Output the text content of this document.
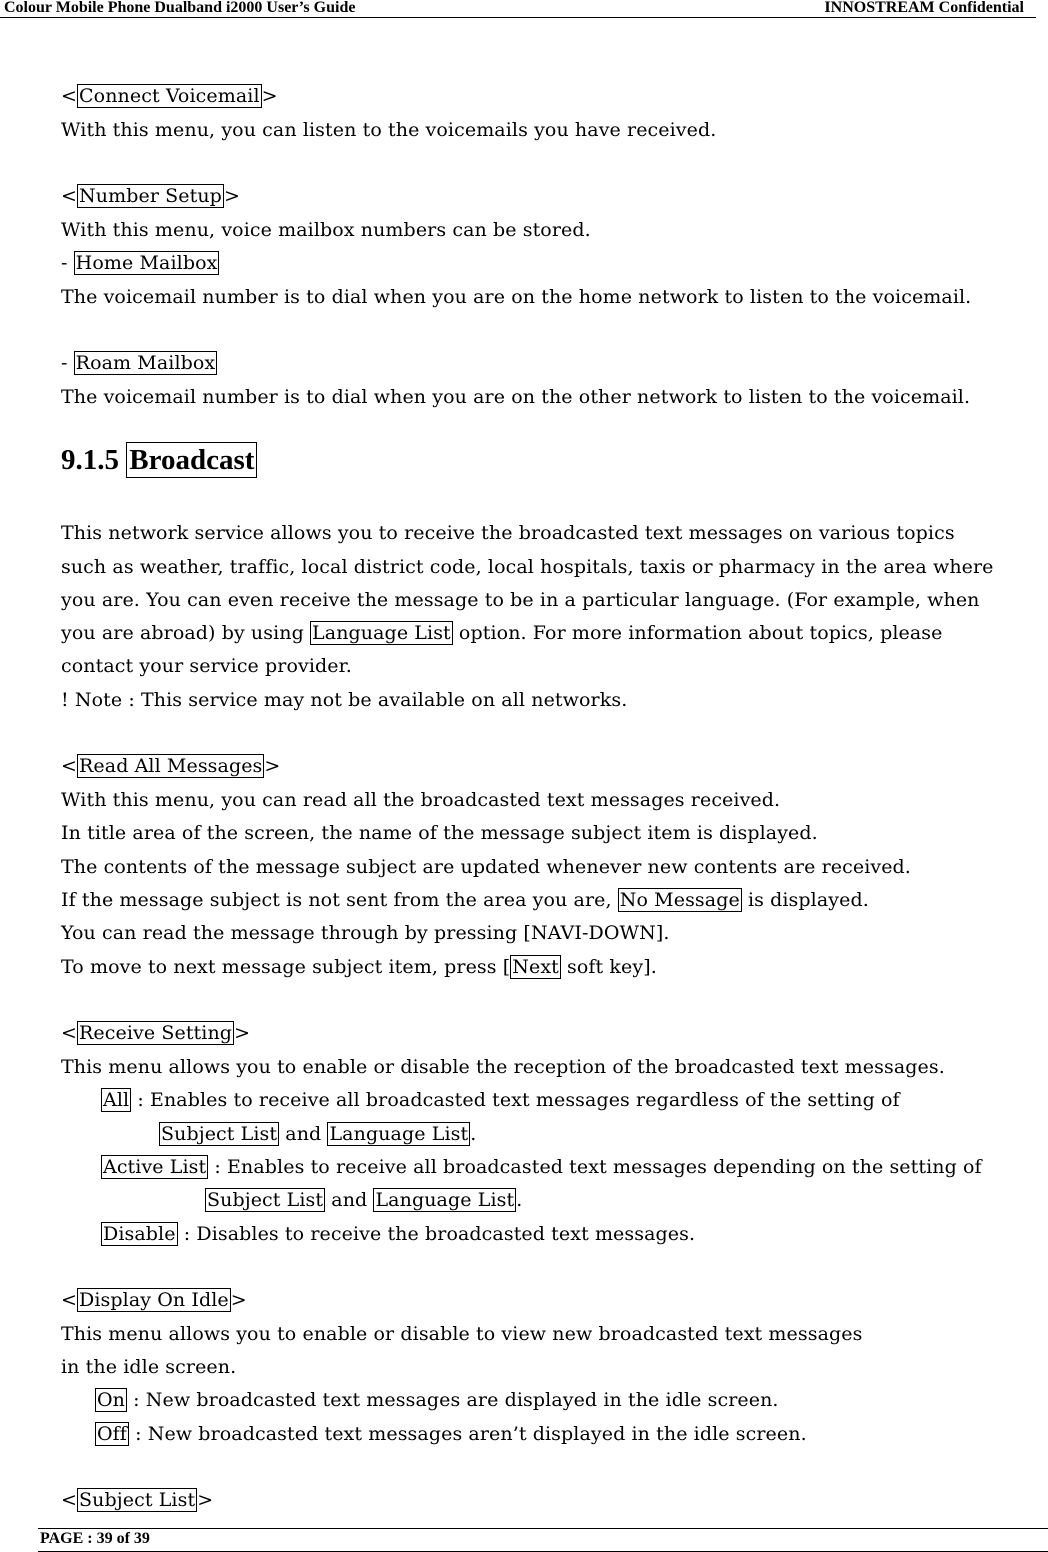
Colour Mobile Phone Dualband i2000 User’s Guide	INNOSTREAM Confidential
< Connect Voicemail >
With this menu, you can listen to the voicemails you have received.
< Number Setup >
With this menu, voice mailbox numbers can be stored.
- Home Mailbox
The voicemail number is to dial when you are on the home network to listen to the voicemail.
- Roam Mailbox
The voicemail number is to dial when you are on the other network to listen to the voicemail.
9.1.5 Broadcast
This network service allows you to receive the broadcasted text messages on various topics
such as weather, traffic, local district code, local hospitals, taxis or pharmacy in the area where
you are. You can even receive the message to be in a particular language. (For example, when
you are abroad) by using Language List option. For more information about topics, please
contact your service provider.
! Note : This service may not be available on all networks.
< Read All Messages >
With this menu, you can read all the broadcasted text messages received.
In title area of the screen, the name of the message subject item is displayed.
The contents of the message subject are updated whenever new contents are received.
If the message subject is not sent from the area you are, No Message is displayed.
You can read the message through by pressing [NAVI-DOWN].
To move to next message subject item, press [ Next soft key].
< Receive Setting >
This menu allows you to enable or disable the reception of the broadcasted text messages.
All : Enables to receive all broadcasted text messages regardless of the setting of
Subject List and Language List .
Active List : Enables to receive all broadcasted text messages depending on the setting of
Subject List and Language List .
Disable : Disables to receive the broadcasted text messages.
< Display On Idle >
This menu allows you to enable or disable to view new broadcasted text messages
in the idle screen.
On : New broadcasted text messages are displayed in the idle screen.
Off : New broadcasted text messages aren’t displayed in the idle screen.
< Subject List >
PAGE : 39 of 39
